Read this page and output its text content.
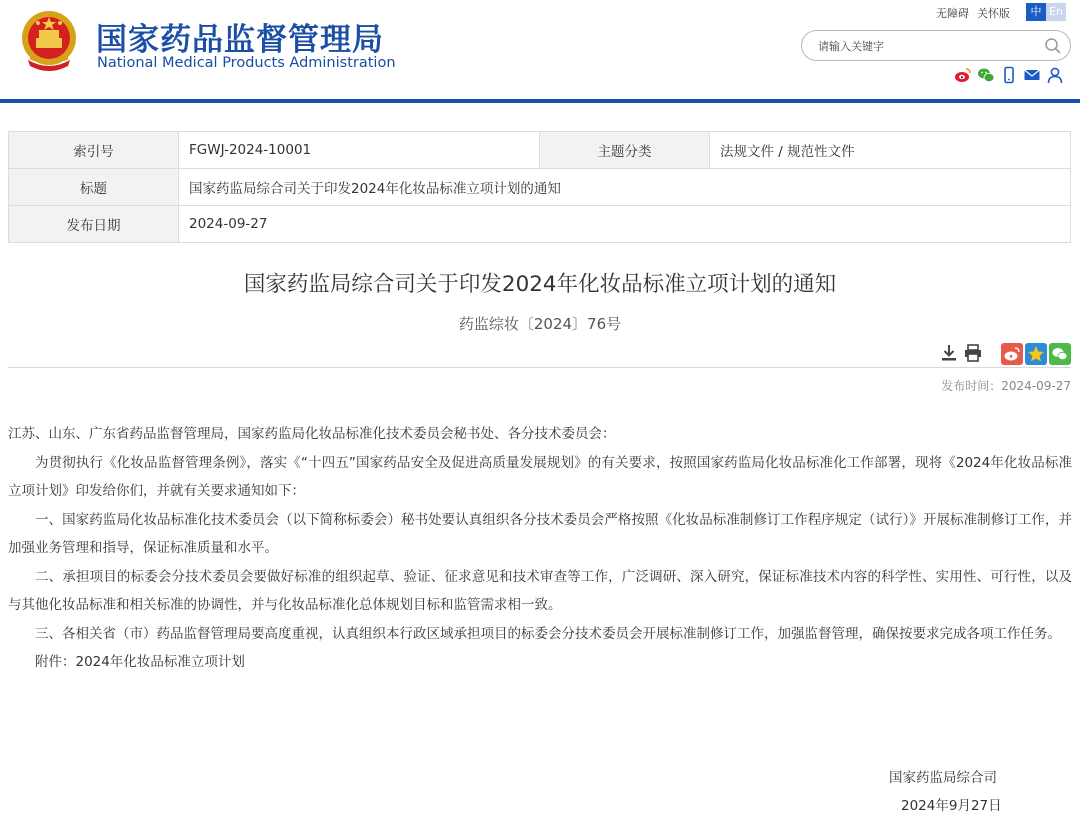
国家药品监督管理局
National Medical Products Administration
无障碍 关怀版	中 En
请输入关键字
索引号	FGWJ-2024-10001	主题分类	法规文件 / 规范性文件
标题	国家药监局综合司关于印发2024年化妆品标准立项计划的通知		
发布日期	2024-09-27		
国家药监局综合司关于印发2024年化妆品标准立项计划的通知
药监综妆〔2024〕76号
发布时间：2024-09-27

江苏、山东、广东省药品监督管理局，国家药监局化妆品标准化技术委员会秘书处、各分技术委员会：

为贯彻执行《化妆品监督管理条例》，落实《“十四五”国家药品安全及促进高质量发展规划》的有关要求，按照国家药监局化妆品标准化工作部署，现将《2024年化妆品标准立项计划》印发给你们，并就有关要求通知如下：

一、国家药监局化妆品标准化技术委员会（以下简称标委会）秘书处要认真组织各分技术委员会严格按照《化妆品标准制修订工作程序规定（试行）》开展标准制修订工作，并加强业务管理和指导，保证标准质量和水平。

二、承担项目的标委会分技术委员会要做好标准的组织起草、验证、征求意见和技术审查等工作，广泛调研、深入研究，保证标准技术内容的科学性、实用性、可行性，以及与其他化妆品标准和相关标准的协调性，并与化妆品标准化总体规划目标和监管需求相一致。

三、各相关省（市）药品监督管理局要高度重视，认真组织本行政区域承担项目的标委会分技术委员会开展标准制修订工作，加强监督管理，确保按要求完成各项工作任务。

附件：2024年化妆品标准立项计划

国家药监局综合司
2024年9月27日
